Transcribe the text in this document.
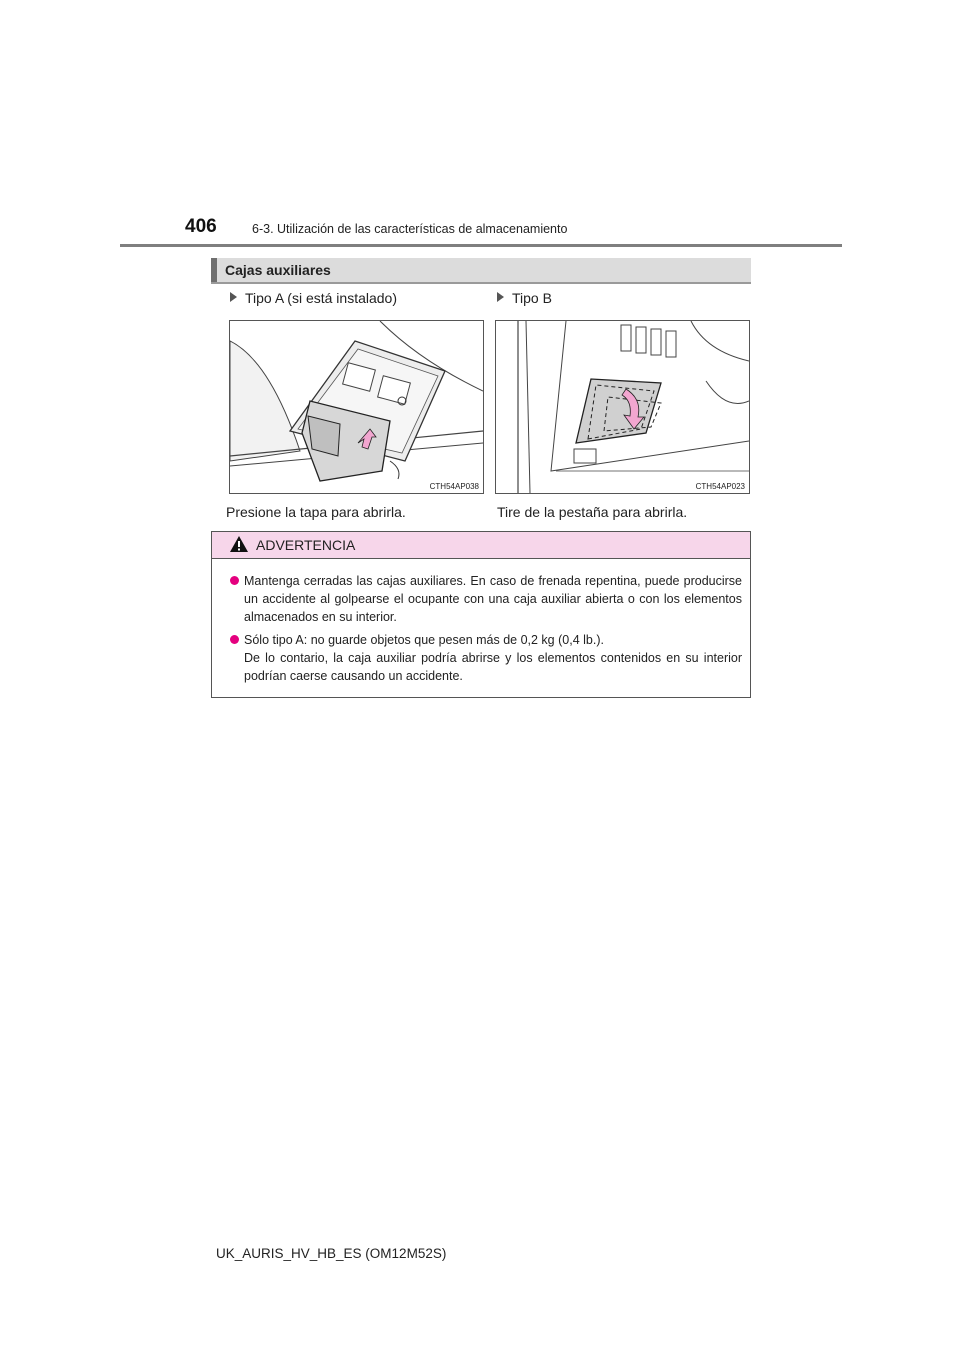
406	6-3. Utilización de las características de almacenamiento
Cajas auxiliares
Tipo A (si está instalado)	Tipo B
CTH54AP038	CTH54AP023
Presione la tapa para abrirla.	Tire de la pestaña para abrirla.
ADVERTENCIA
Mantenga cerradas las cajas auxiliares. En caso de frenada repentina, puede producirse un accidente al golpearse el ocupante con una caja auxiliar abierta o con los elementos almacenados en su interior.
Sólo tipo A: no guarde objetos que pesen más de 0,2 kg (0,4 lb.).
De lo contario, la caja auxiliar podría abrirse y los elementos contenidos en su interior podrían caerse causando un accidente.
UK_AURIS_HV_HB_ES (OM12M52S)
